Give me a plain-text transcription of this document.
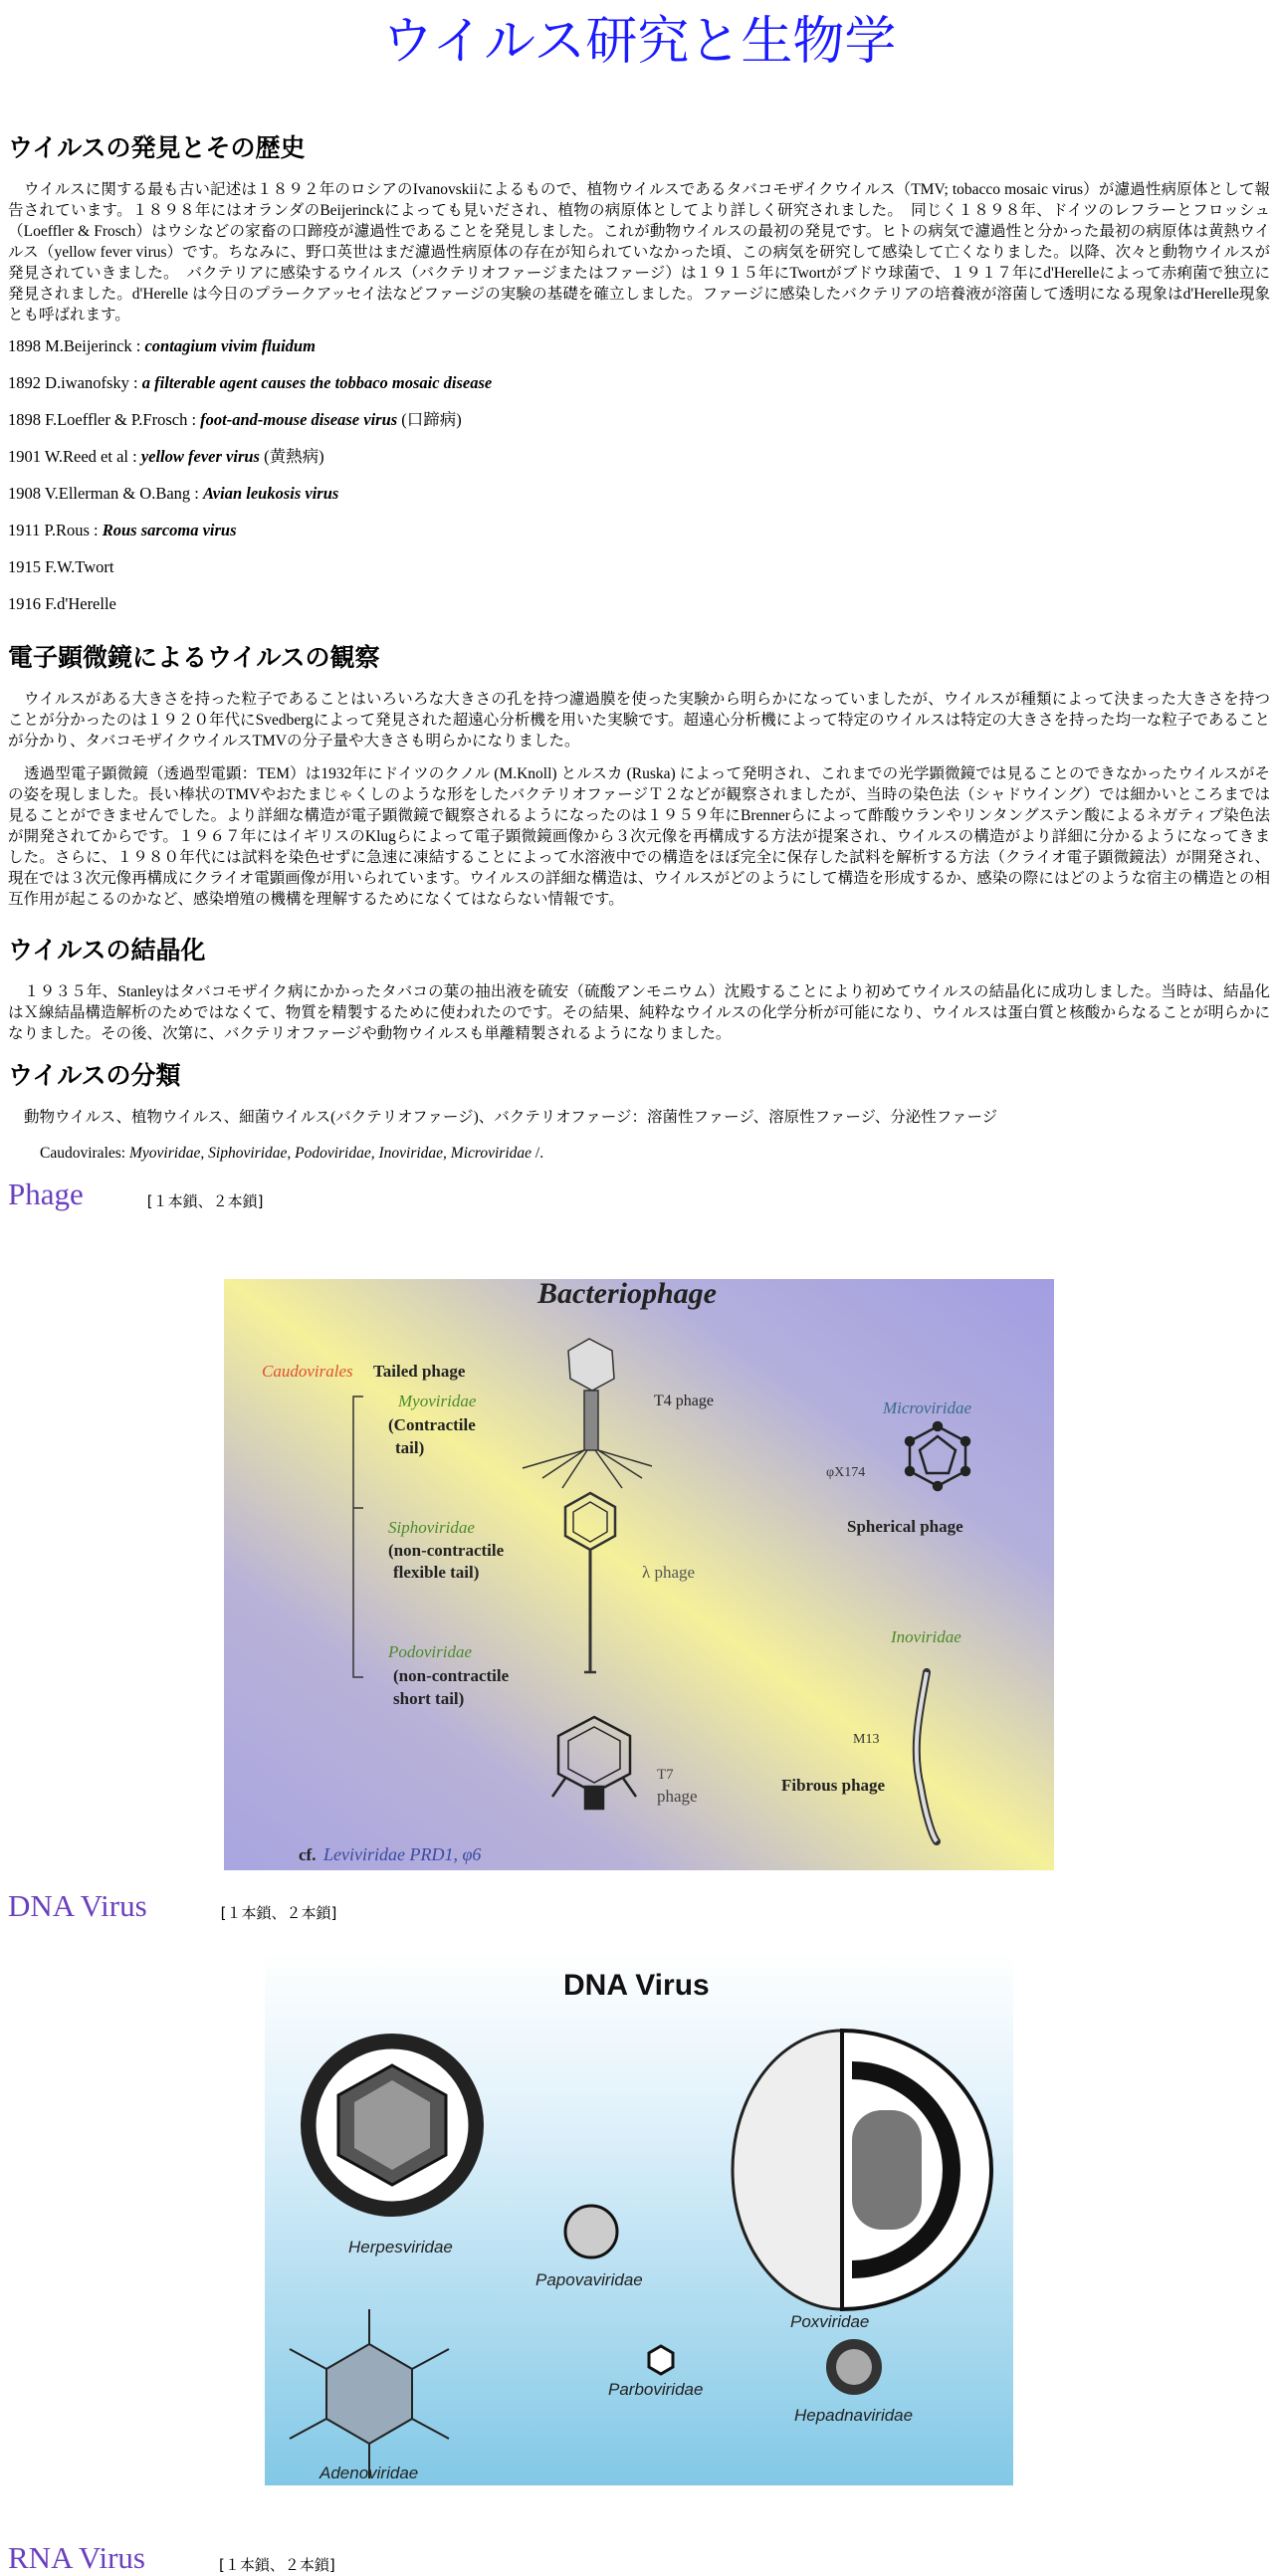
ウイルス研究と生物学
ウイルスの発見とその歴史

ウイルスに関する最も古い記述は１８９２年のロシアのIvanovskiiによるもので、植物ウイルスであるタバコモザイクウイルス（TMV; tobacco mosaic virus）が濾過性病原体として報告されています。１８９８年にはオランダのBeijerinckによっても見いだされ、植物の病原体としてより詳しく研究されました。　同じく１８９８年、ドイツのレフラーとフロッシュ（Loeffler & Frosch）はウシなどの家畜の口蹄疫が濾過性であることを発見しました。これが動物ウイルスの最初の発見です。ヒトの病気で濾過性と分かった最初の病原体は黄熱ウイルス（yellow fever virus）です。ちなみに、野口英世はまだ濾過性病原体の存在が知られていなかった頃、この病気を研究して感染して亡くなりました。以降、次々と動物ウイルスが発見されていきました。　バクテリアに感染するウイルス（バクテリオファージまたはファージ）は１９１５年にTwortがブドウ球菌で、１９１７年にd'Herelleによって赤痢菌で独立に発見されました。d'Herelle は今日のプラークアッセイ法などファージの実験の基礎を確立しました。ファージに感染したバクテリアの培養液が溶菌して透明になる現象はd'Herelle現象とも呼ばれます。

1898 M.Beijerinck : contagium vivim fluidum

1892 D.iwanofsky : a filterable agent causes the tobbaco mosaic disease

1898 F.Loeffler & P.Frosch : foot-and-mouse disease virus (口蹄病)

1901 W.Reed et al : yellow fever virus (黄熱病)

1908 V.Ellerman & O.Bang : Avian leukosis virus

1911 P.Rous : Rous sarcoma virus

1915 F.W.Twort

1916 F.d'Herelle

電子顕微鏡によるウイルスの観察

ウイルスがある大きさを持った粒子であることはいろいろな大きさの孔を持つ濾過膜を使った実験から明らかになっていましたが、ウイルスが種類によって決まった大きさを持つことが分かったのは１９２０年代にSvedbergによって発見された超遠心分析機を用いた実験です。超遠心分析機によって特定のウイルスは特定の大きさを持った均一な粒子であることが分かり、タバコモザイクウイルスTMVの分子量や大きさも明らかになりました。

透過型電子顕微鏡（透過型電顕：TEM）は1932年にドイツのクノル (M.Knoll) とルスカ (Ruska) によって発明され、これまでの光学顕微鏡では見ることのできなかったウイルスがその姿を現しました。長い棒状のTMVやおたまじゃくしのような形をしたバクテリオファージＴ２などが観察されましたが、当時の染色法（シャドウイング）では細かいところまでは見ることができませんでした。より詳細な構造が電子顕微鏡で観察されるようになったのは１９５９年にBrennerらによって酢酸ウランやリンタングステン酸によるネガティブ染色法が開発されてからです。１９６７年にはイギリスのKlugらによって電子顕微鏡画像から３次元像を再構成する方法が提案され、ウイルスの構造がより詳細に分かるようになってきました。さらに、１９８０年代には試料を染色せずに急速に凍結することによって水溶液中での構造をほぼ完全に保存した試料を解析する方法（クライオ電子顕微鏡法）が開発され、現在では３次元像再構成にクライオ電顕画像が用いられています。ウイルスの詳細な構造は、ウイルスがどのようにして構造を形成するか、感染の際にはどのような宿主の構造との相互作用が起こるのかなど、感染増殖の機構を理解するためになくてはならない情報です。

ウイルスの結晶化

１９３５年、Stanleyはタバコモザイク病にかかったタバコの葉の抽出液を硫安（硫酸アンモニウム）沈殿することにより初めてウイルスの結晶化に成功しました。当時は、結晶化はＸ線結晶構造解析のためではなくて、物質を精製するために使われたのです。その結果、純粋なウイルスの化学分析が可能になり、ウイルスは蛋白質と核酸からなることが明らかになりました。その後、次第に、バクテリオファージや動物ウイルスも単離精製されるようになりました。

ウイルスの分類

動物ウイルス、植物ウイルス、細菌ウイルス(バクテリオファージ)、バクテリオファージ：溶菌性ファージ、溶原性ファージ、分泌性ファージ

Caudovirales: Myoviridae, Siphoviridae, Podoviridae, Inoviridae, Microviridae /.

Phage	[１本鎖、２本鎖]
Bacteriophage
Caudovirales Tailed phage
Myoviridae
(Contractile
tail)
T4 phage
Siphoviridae
(non-contractile
flexible tail)	λ phage
Podoviridae
(non-contractile
short tail)
T7
phage
Microviridae
φX174
Spherical phage
Inoviridae
M13
Fibrous phage
cf. Leviviridae PRD1, φ6
DNA Virus	[１本鎖、２本鎖]
DNA Virus
Herpesviridae
Poxviridae
Papovaviridae
Adenoviridae
Parboviridae
Hepadnaviridae
RNA Virus	[１本鎖、２本鎖]
